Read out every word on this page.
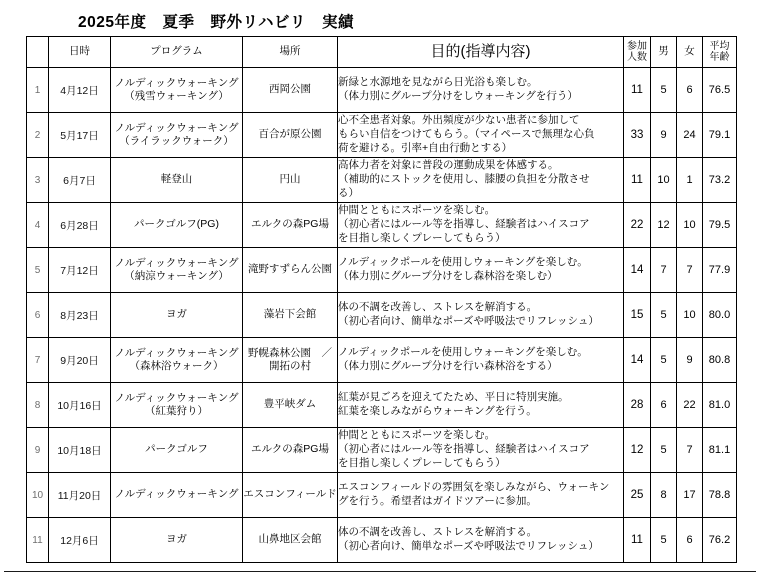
2025年度　夏季　野外リハビリ　実績
	日時	プログラム	場所	目的(指導内容)	参加
人数	男	女	平均
年齢

1	4月12日	ノルディックウォーキング
（残雪ウォーキング）	西岡公園	新緑と水源地を見ながら日光浴も楽しむ。
（体力別にグループ分けをしウォーキングを行う）	11	5	6	76.5

2	5月17日	ノルディックウォーキング
（ライラックウォーク）	百合が原公園	心不全患者対象。外出頻度が少ない患者に参加して
もらい自信をつけてもらう。（マイペースで無理な心負
荷を避ける。引率+自由行動とする）	33	9	24	79.1

3	6月7日	軽登山	円山	高体力者を対象に普段の運動成果を体感する。
（補助的にストックを使用し、膝腰の負担を分散させ
る）	11	10	1	73.2

4	6月28日	パークゴルフ(PG)	エルクの森PG場	仲間とともにスポーツを楽しむ。
（初心者にはルール等を指導し、経験者はハイスコア
を目指し楽しくプレーしてもらう）	22	12	10	79.5

5	7月12日	ノルディックウォーキング
（納涼ウォーキング）	滝野すずらん公園	ノルディックポールを使用しウォーキングを楽しむ。
（体力別にグループ分けをし森林浴を楽しむ）	14	7	7	77.9

6	8月23日	ヨガ	藻岩下会館	体の不調を改善し、ストレスを解消する。
（初心者向け、簡単なポーズや呼吸法でリフレッシュ）	15	5	10	80.0

7	9月20日	ノルディックウォーキング
（森林浴ウォーク）	野幌森林公園　／
開拓の村	ノルディックポールを使用しウォーキングを楽しむ。
（体力別にグループ分けを行い森林浴をする）	14	5	9	80.8

8	10月16日	ノルディックウォーキング
（紅葉狩り）	豊平峡ダム	紅葉が見ごろを迎えてたため、平日に特別実施。
紅葉を楽しみながらウォーキングを行う。	28	6	22	81.0

9	10月18日	パークゴルフ	エルクの森PG場	仲間とともにスポーツを楽しむ。
（初心者にはルール等を指導し、経験者はハイスコア
を目指し楽しくプレーしてもらう）	12	5	7	81.1

10	11月20日	ノルディックウォーキング	エスコンフィールド	エスコンフィールドの雰囲気を楽しみながら、ウォーキン
グを行う。希望者はガイドツアーに参加。	25	8	17	78.8

11	12月6日	ヨガ	山鼻地区会館	体の不調を改善し、ストレスを解消する。
（初心者向け、簡単なポーズや呼吸法でリフレッシュ）	11	5	6	76.2
